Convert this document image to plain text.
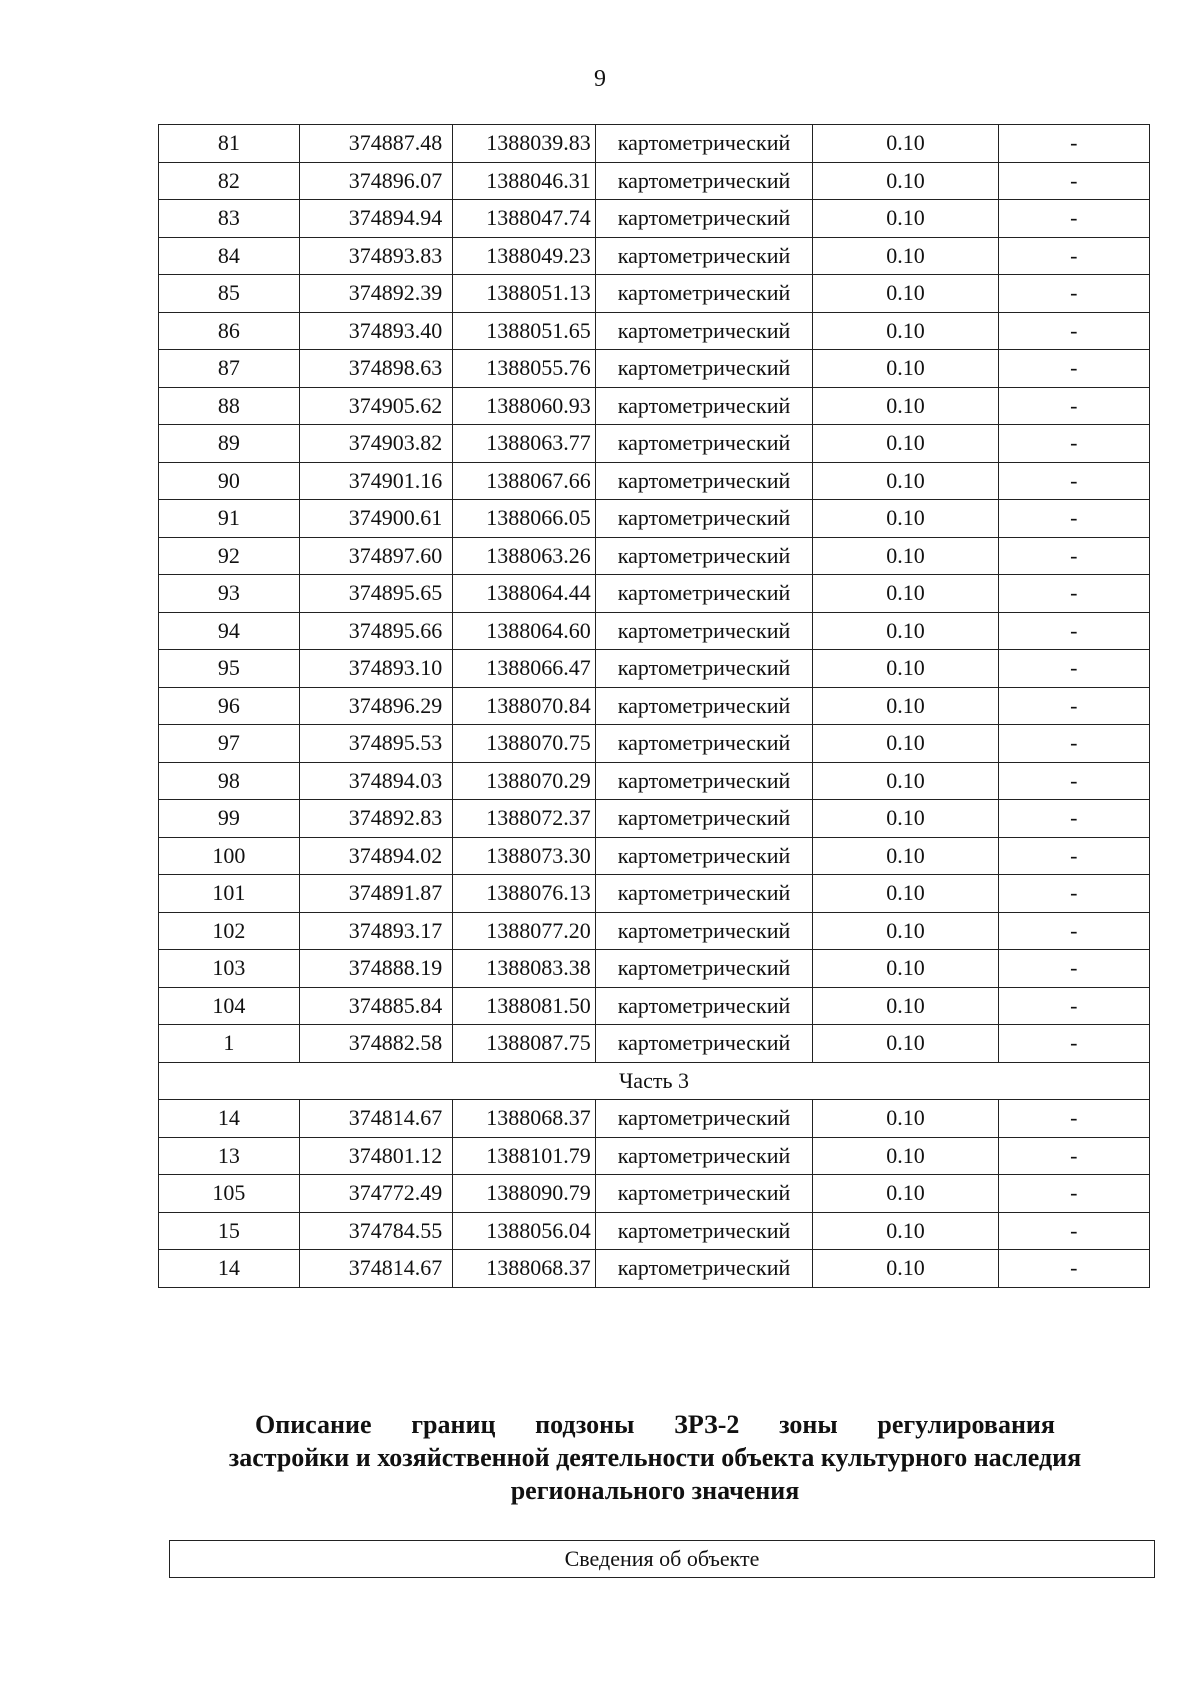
9
81	374887.48	1388039.83	картометрический	0.10	-
82	374896.07	1388046.31	картометрический	0.10	-
83	374894.94	1388047.74	картометрический	0.10	-
84	374893.83	1388049.23	картометрический	0.10	-
85	374892.39	1388051.13	картометрический	0.10	-
86	374893.40	1388051.65	картометрический	0.10	-
87	374898.63	1388055.76	картометрический	0.10	-
88	374905.62	1388060.93	картометрический	0.10	-
89	374903.82	1388063.77	картометрический	0.10	-
90	374901.16	1388067.66	картометрический	0.10	-
91	374900.61	1388066.05	картометрический	0.10	-
92	374897.60	1388063.26	картометрический	0.10	-
93	374895.65	1388064.44	картометрический	0.10	-
94	374895.66	1388064.60	картометрический	0.10	-
95	374893.10	1388066.47	картометрический	0.10	-
96	374896.29	1388070.84	картометрический	0.10	-
97	374895.53	1388070.75	картометрический	0.10	-
98	374894.03	1388070.29	картометрический	0.10	-
99	374892.83	1388072.37	картометрический	0.10	-
100	374894.02	1388073.30	картометрический	0.10	-
101	374891.87	1388076.13	картометрический	0.10	-
102	374893.17	1388077.20	картометрический	0.10	-
103	374888.19	1388083.38	картометрический	0.10	-
104	374885.84	1388081.50	картометрический	0.10	-
1	374882.58	1388087.75	картометрический	0.10	-
Часть 3					
14	374814.67	1388068.37	картометрический	0.10	-
13	374801.12	1388101.79	картометрический	0.10	-
105	374772.49	1388090.79	картометрический	0.10	-
15	374784.55	1388056.04	картометрический	0.10	-
14	374814.67	1388068.37	картометрический	0.10	-
Описание границ подзоны ЗРЗ-2 зоны регулирования
застройки и хозяйственной деятельности объекта культурного наследия
регионального значения
Сведения об объекте
